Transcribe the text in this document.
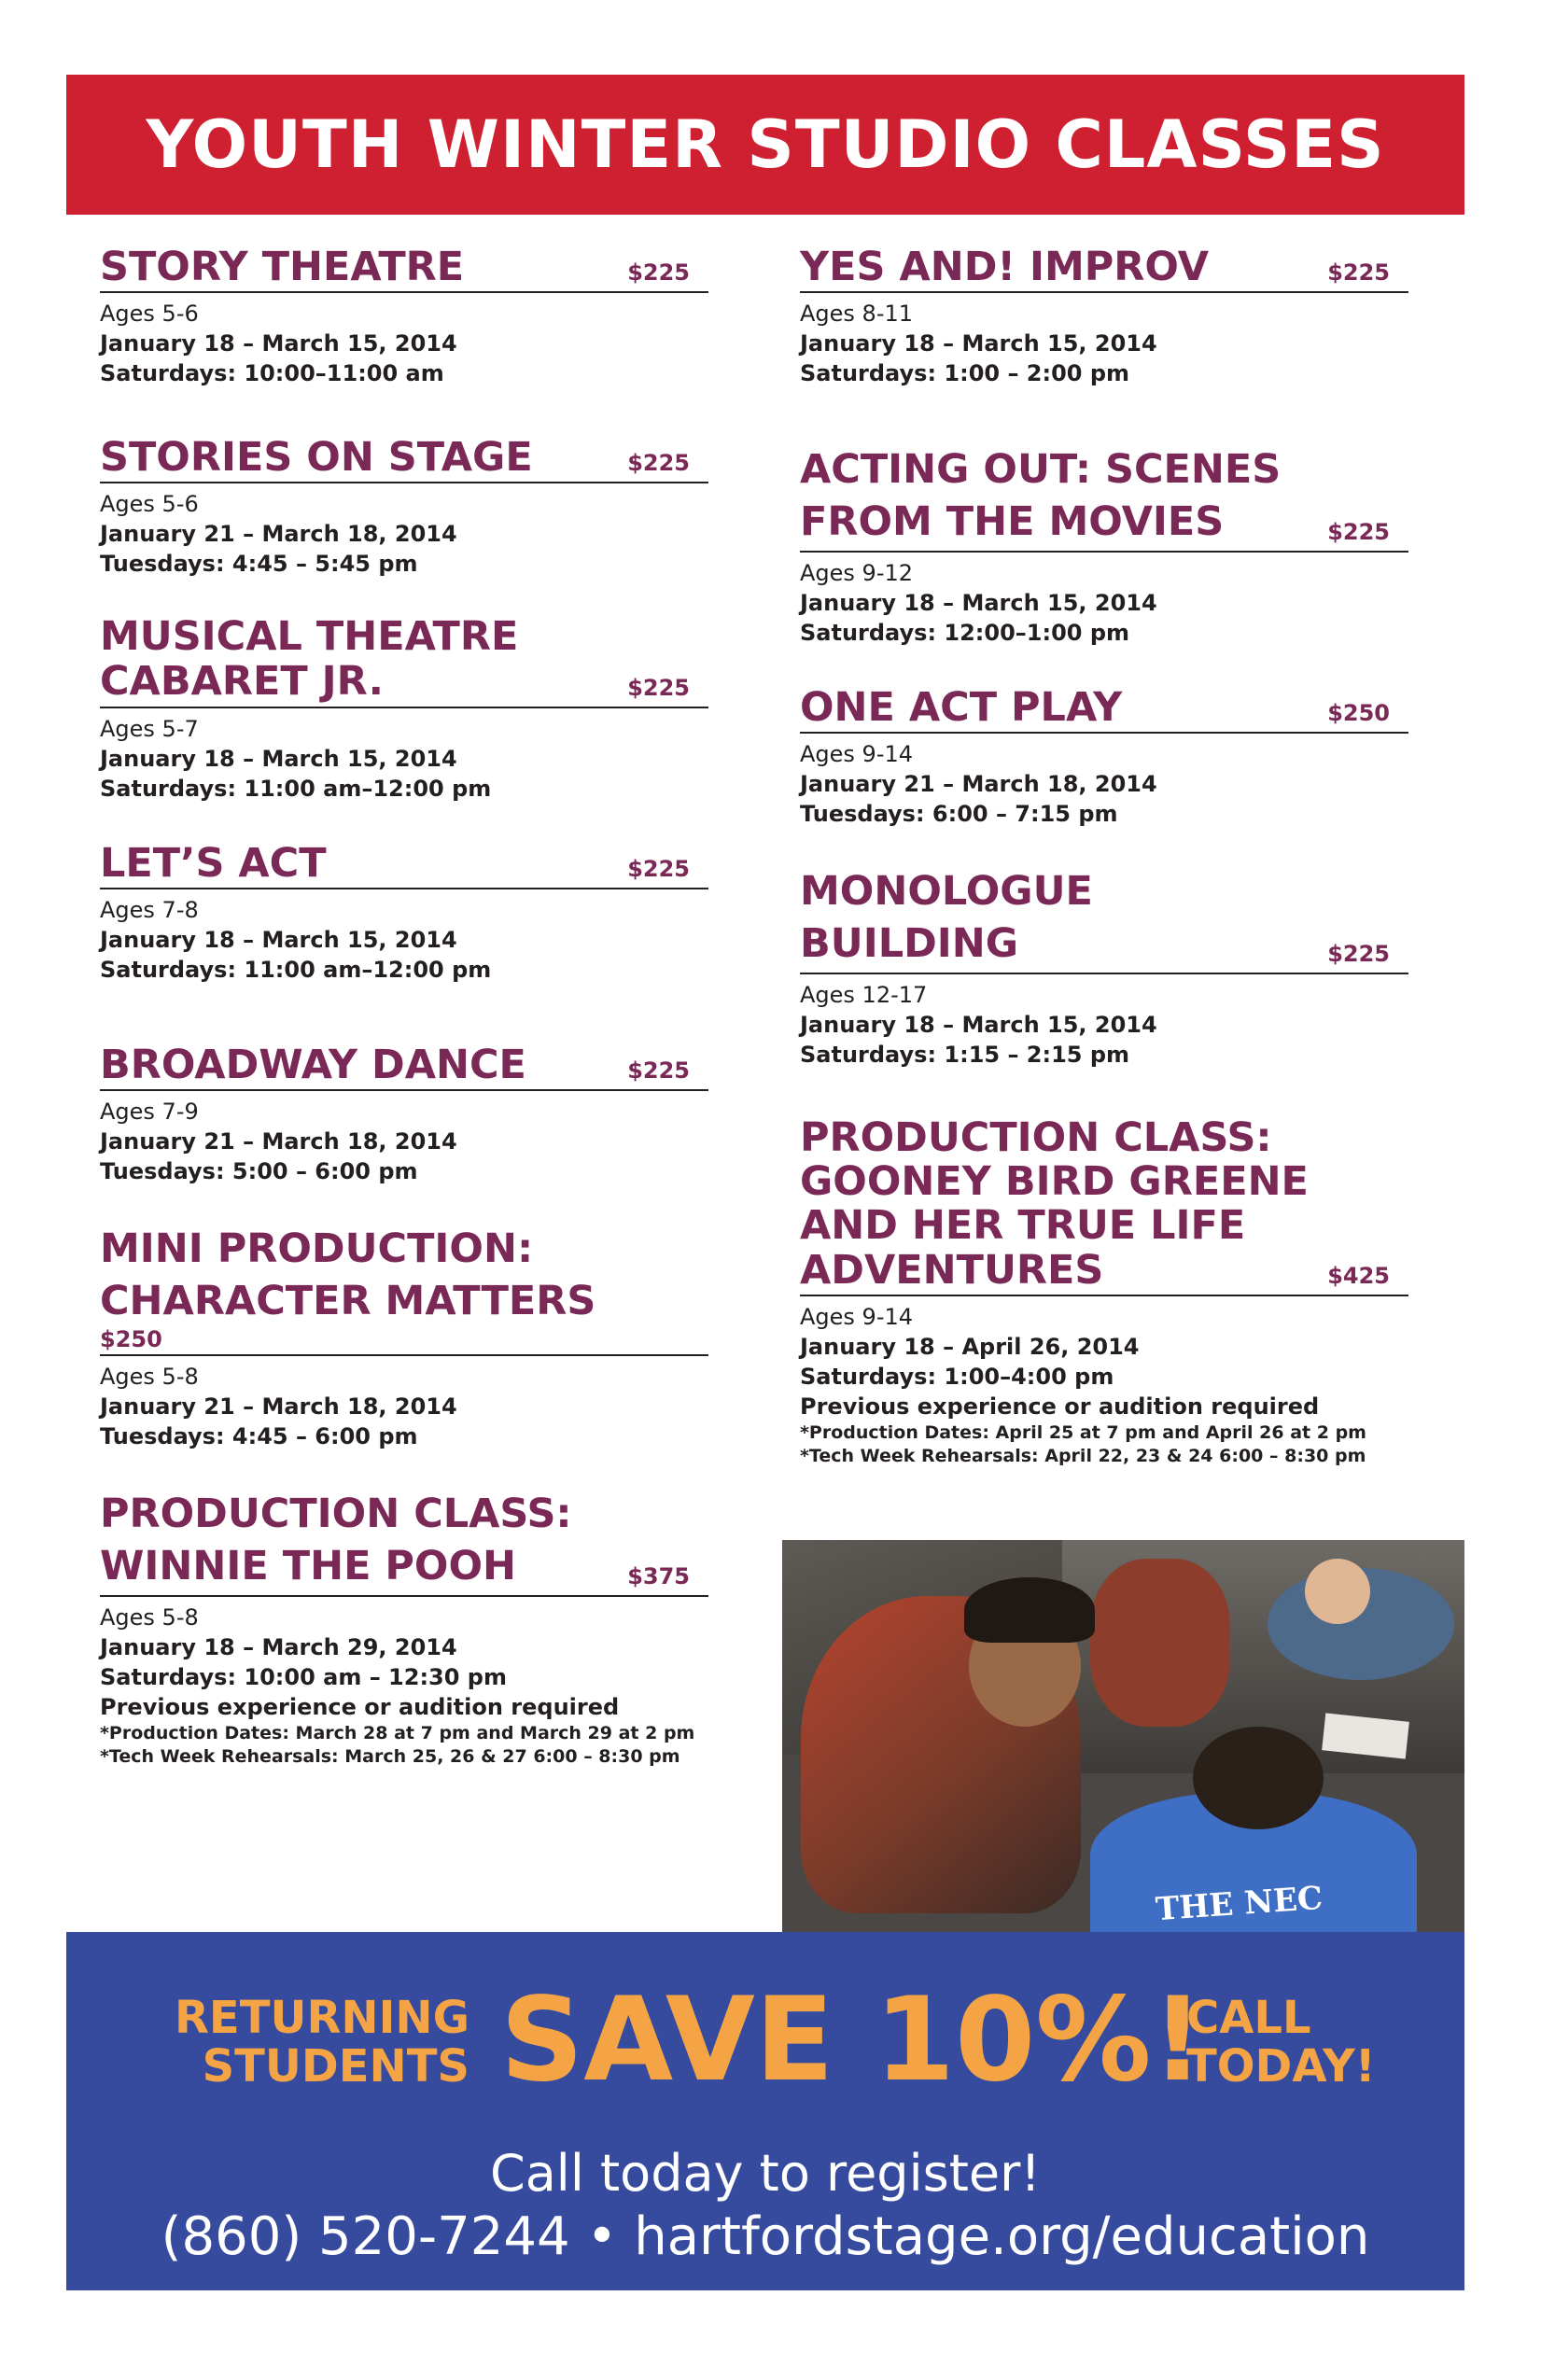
YOUTH WINTER STUDIO CLASSES
STORY THEATRE	$225
Ages 5-6
January 18 – March 15, 2014
Saturdays: 10:00–11:00 am
STORIES ON STAGE	$225
Ages 5-6
January 21 – March 18, 2014
Tuesdays: 4:45 – 5:45 pm
MUSICAL THEATRE CABARET JR.	$225
Ages 5-7
January 18 – March 15, 2014
Saturdays: 11:00 am–12:00 pm
LET’S ACT	$225
Ages 7-8
January 18 – March 15, 2014
Saturdays: 11:00 am–12:00 pm
BROADWAY DANCE	$225
Ages 7-9
January 21 – March 18, 2014
Tuesdays: 5:00 – 6:00 pm
MINI PRODUCTION: CHARACTER MATTERS
$250
Ages 5-8
January 21 – March 18, 2014
Tuesdays: 4:45 – 6:00 pm
PRODUCTION CLASS: WINNIE THE POOH	$375
Ages 5-8
January 18 – March 29, 2014
Saturdays: 10:00 am – 12:30 pm
Previous experience or audition required
*Production Dates: March 28 at 7 pm and March 29 at 2 pm
*Tech Week Rehearsals: March 25, 26 & 27 6:00 – 8:30 pm
YES AND! IMPROV	$225
Ages 8-11
January 18 – March 15, 2014
Saturdays: 1:00 – 2:00 pm
ACTING OUT: SCENES FROM THE MOVIES	$225
Ages 9-12
January 18 – March 15, 2014
Saturdays: 12:00–1:00 pm
ONE ACT PLAY	$250
Ages 9-14
January 21 – March 18, 2014
Tuesdays: 6:00 – 7:15 pm
MONOLOGUE BUILDING	$225
Ages 12-17
January 18 – March 15, 2014
Saturdays: 1:15 – 2:15 pm
PRODUCTION CLASS: GOONEY BIRD GREENE AND HER TRUE LIFE ADVENTURES	$425
Ages 9-14
January 18 – April 26, 2014
Saturdays: 1:00–4:00 pm
Previous experience or audition required
*Production Dates: April 25 at 7 pm and April 26 at 2 pm
*Tech Week Rehearsals: April 22, 23 & 24 6:00 – 8:30 pm
THE NEC
RETURNING
STUDENTS SAVE 10%!
CALL
TODAY!
Call today to register!
(860) 520-7244 • hartfordstage.org/education
